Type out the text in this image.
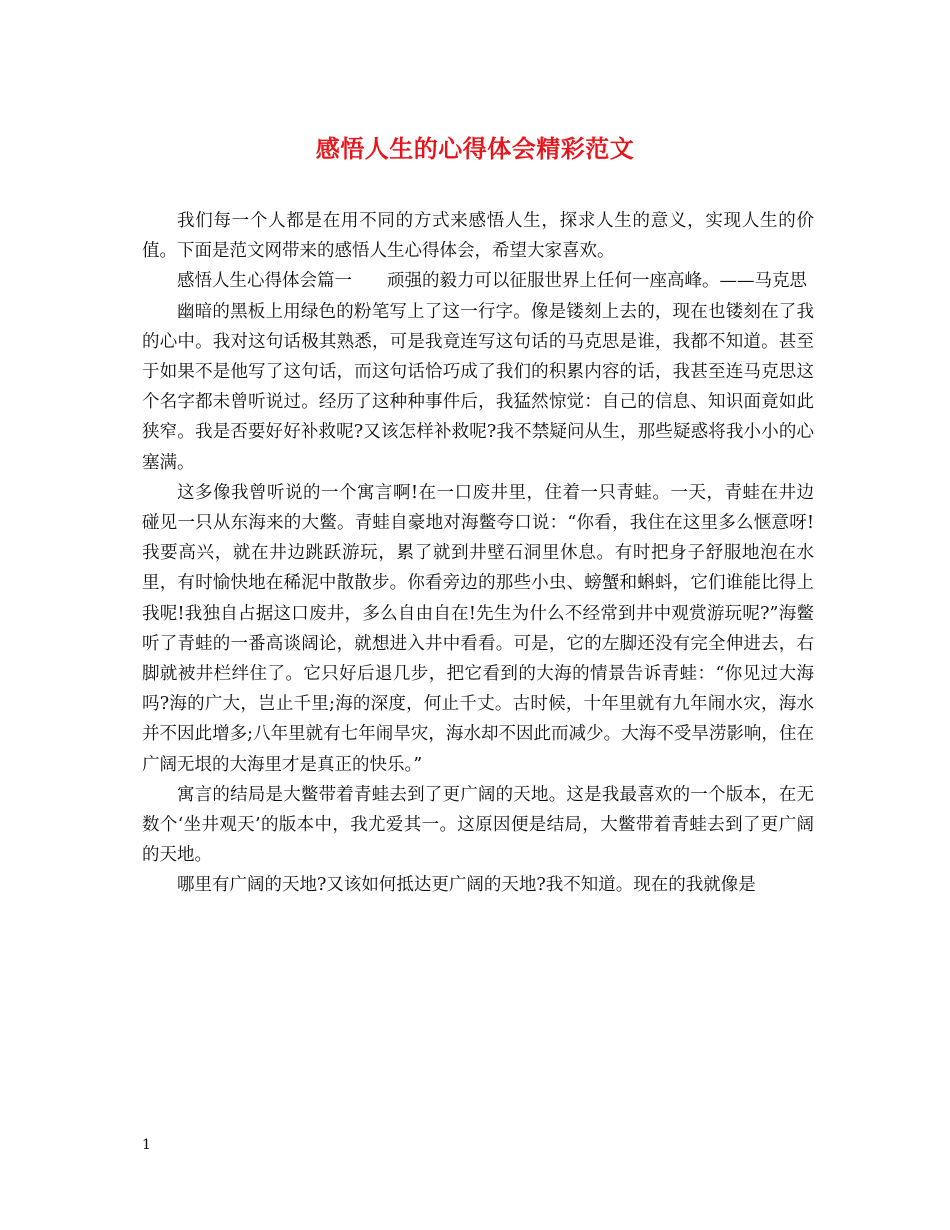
感悟人生的心得体会精彩范文

我们每一个人都是在用不同的方式来感悟人生，探求人生的意义，实现人生的价值。下面是范文网带来的感悟人生心得体会，希望大家喜欢。

感悟人生心得体会篇一　　顽强的毅力可以征服世界上任何一座高峰。——马克思

幽暗的黑板上用绿色的粉笔写上了这一行字。像是镂刻上去的，现在也镂刻在了我的心中。我对这句话极其熟悉，可是我竟连写这句话的马克思是谁，我都不知道。甚至于如果不是他写了这句话，而这句话恰巧成了我们的积累内容的话，我甚至连马克思这个名字都未曾听说过。经历了这种种事件后，我猛然惊觉：自己的信息、知识面竟如此狭窄。我是否要好好补救呢?又该怎样补救呢?我不禁疑问从生，那些疑惑将我小小的心塞满。

这多像我曾听说的一个寓言啊!在一口废井里，住着一只青蛙。一天，青蛙在井边碰见一只从东海来的大鳖。青蛙自豪地对海鳖夸口说：“你看，我住在这里多么惬意呀!我要高兴，就在井边跳跃游玩，累了就到井壁石洞里休息。有时把身子舒服地泡在水里，有时愉快地在稀泥中散散步。你看旁边的那些小虫、螃蟹和蝌蚪，它们谁能比得上我呢!我独自占据这口废井，多么自由自在!先生为什么不经常到井中观赏游玩呢?”海鳖听了青蛙的一番高谈阔论，就想进入井中看看。可是，它的左脚还没有完全伸进去，右脚就被井栏绊住了。它只好后退几步，把它看到的大海的情景告诉青蛙：“你见过大海吗?海的广大，岂止千里;海的深度，何止千丈。古时候，十年里就有九年闹水灾，海水并不因此增多;八年里就有七年闹旱灾，海水却不因此而减少。大海不受旱涝影响，住在广阔无垠的大海里才是真正的快乐。”

寓言的结局是大鳖带着青蛙去到了更广阔的天地。这是我最喜欢的一个版本，在无数个‘坐井观天’的版本中，我尤爱其一。这原因便是结局，大鳖带着青蛙去到了更广阔的天地。

哪里有广阔的天地?又该如何抵达更广阔的天地?我不知道。现在的我就像是

1
